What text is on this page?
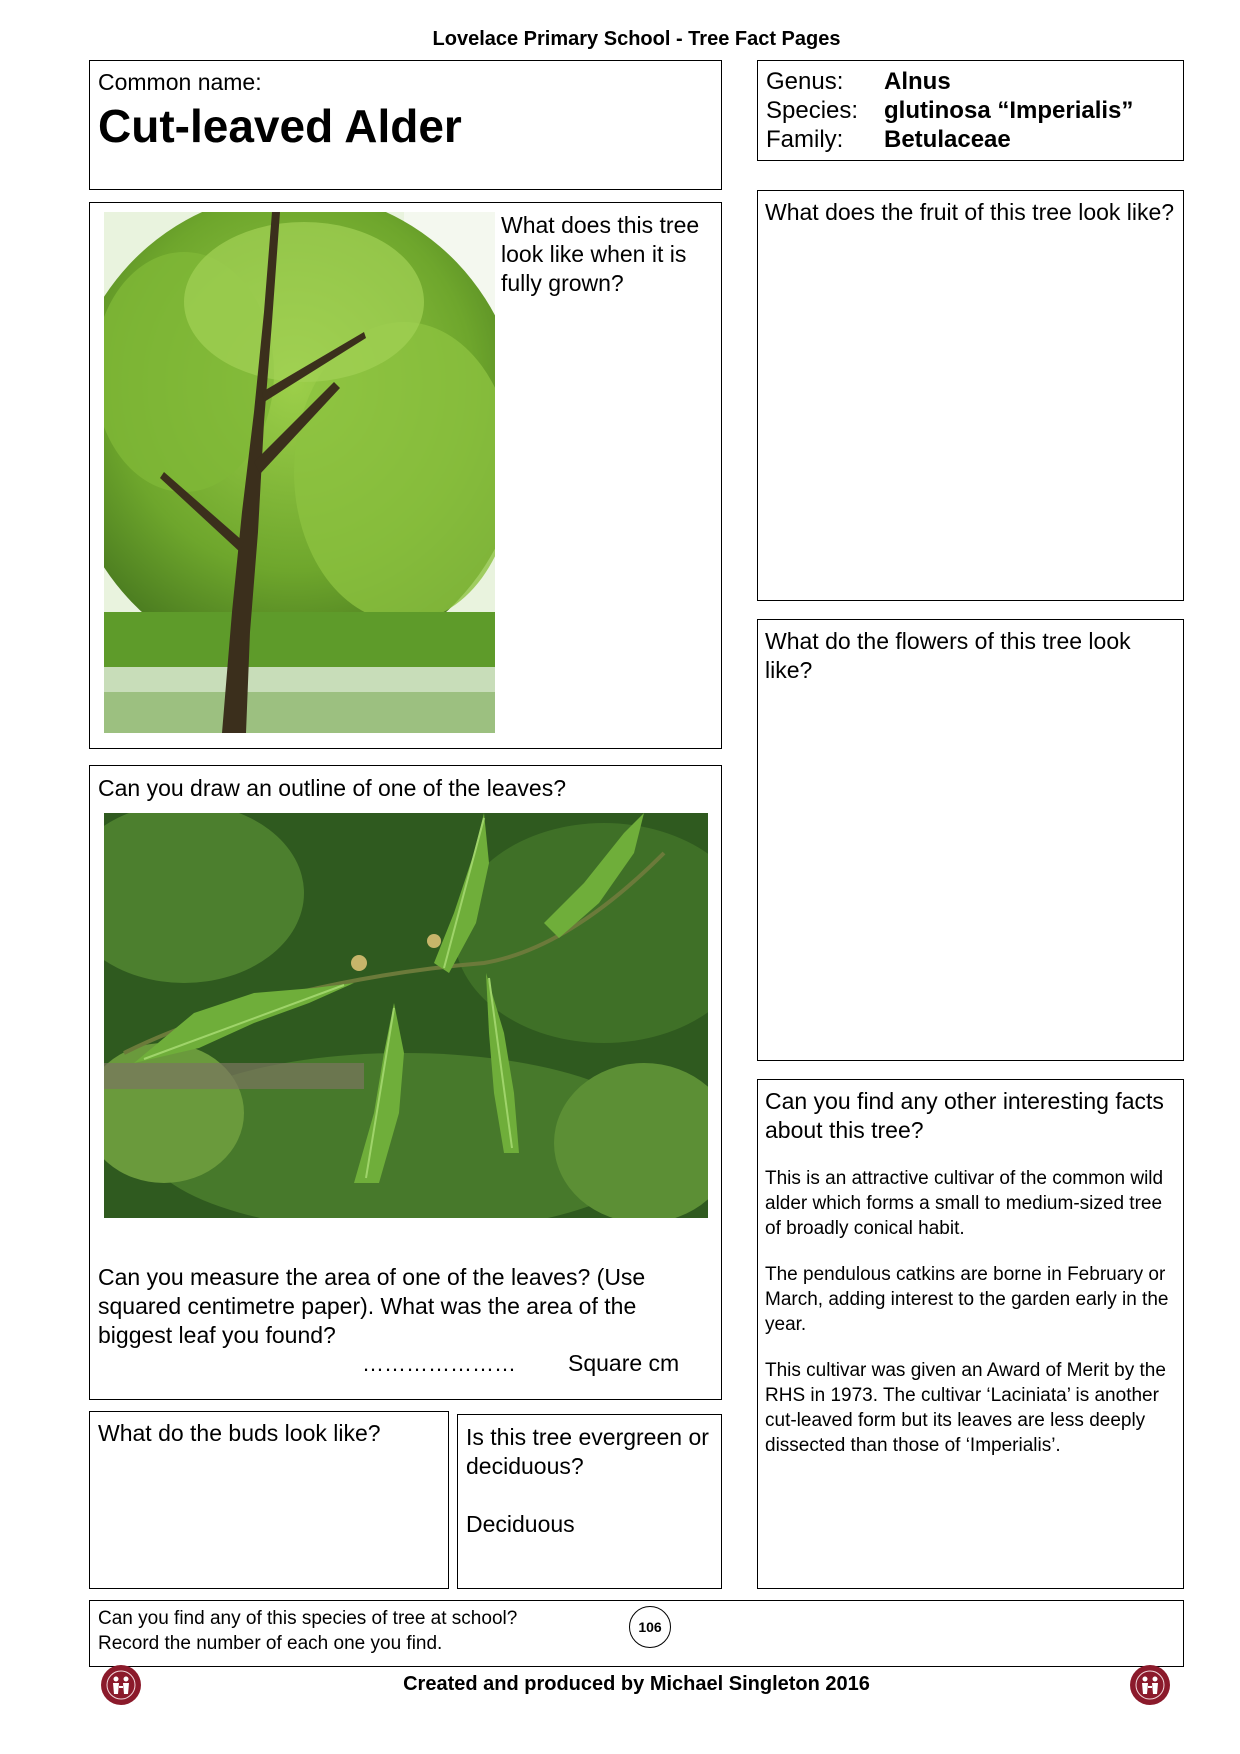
Lovelace Primary School - Tree Fact Pages
Common name:
Cut-leaved Alder
Genus:	Alnus
Species:	glutinosa “Imperialis”
Family:	Betulaceae
What does this tree look like when it is fully grown?
What does the fruit of this tree look like?
What do the flowers of this tree look like?
Can you draw an outline of one of the leaves?
Can you measure the area of one of the leaves? (Use squared centimetre paper). What was the area of the biggest leaf you found?
………………… Square cm
What do the buds look like?	Is this tree evergreen or deciduous?
Deciduous
Can you find any other interesting facts about this tree?
This is an attractive cultivar of the common wild alder which forms a small to medium-sized tree of broadly conical habit.
The pendulous catkins are borne in February or March, adding interest to the garden early in the year.
This cultivar was given an Award of Merit by the RHS in 1973. The cultivar ‘Laciniata’ is another cut-leaved form but its leaves are less deeply dissected than those of ‘Imperialis’.
Can you find any of this species of tree at school?
Record the number of each one you find.
106
Created and produced by Michael Singleton 2016
